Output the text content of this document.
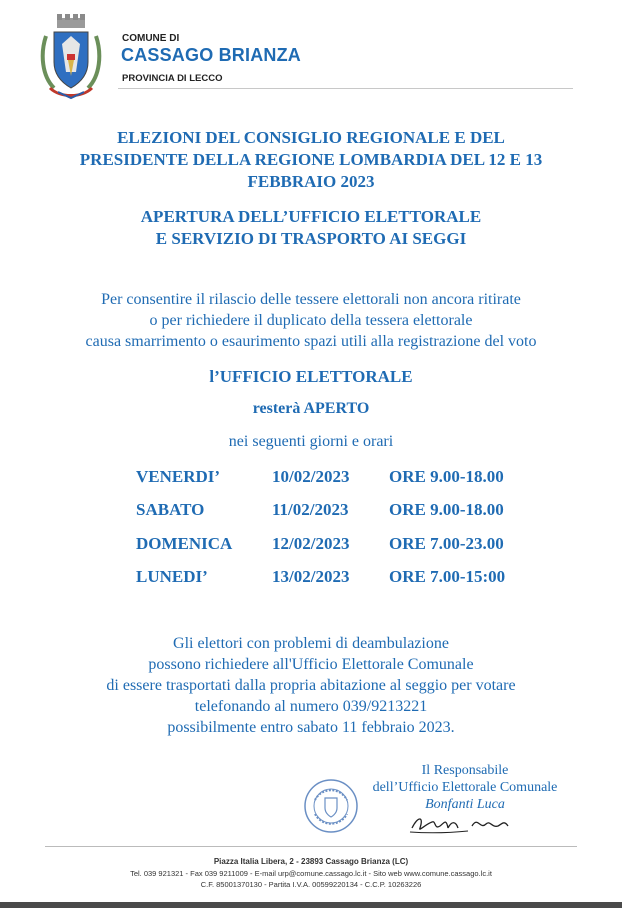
COMUNE DI
CASSAGO BRIANZA
PROVINCIA DI LECCO
ELEZIONI DEL CONSIGLIO REGIONALE E DEL
PRESIDENTE DELLA REGIONE LOMBARDIA DEL 12 E 13
FEBBRAIO 2023
APERTURA DELL’UFFICIO ELETTORALE
E SERVIZIO DI TRASPORTO AI SEGGI
Per consentire il rilascio delle tessere elettorali non ancora ritirate
o per richiedere il duplicato della tessera elettorale
causa smarrimento o esaurimento spazi utili alla registrazione del voto
l’UFFICIO ELETTORALE
resterà APERTO
nei seguenti giorni e orari
VENERDI’	10/02/2023 ORE 9.00-18.00
SABATO	11/02/2023 ORE 9.00-18.00
DOMENICA 12/02/2023 ORE 7.00-23.00
LUNEDI’	13/02/2023 ORE 7.00-15:00
Gli elettori con problemi di deambulazione
possono richiedere all'Ufficio Elettorale Comunale
di essere trasportati dalla propria abitazione al seggio per votare
telefonando al numero 039/9213221
possibilmente entro sabato 11 febbraio 2023.
Il Responsabile
dell’Ufficio Elettorale Comunale
Bonfanti Luca
Piazza Italia Libera, 2 - 23893 Cassago Brianza (LC)
Tel. 039 921321 - Fax 039 9211009 - E-mail urp@comune.cassago.lc.it - Sito web www.comune.cassago.lc.it
C.F. 85001370130 - Partita I.V.A. 00599220134 - C.C.P. 10263226
